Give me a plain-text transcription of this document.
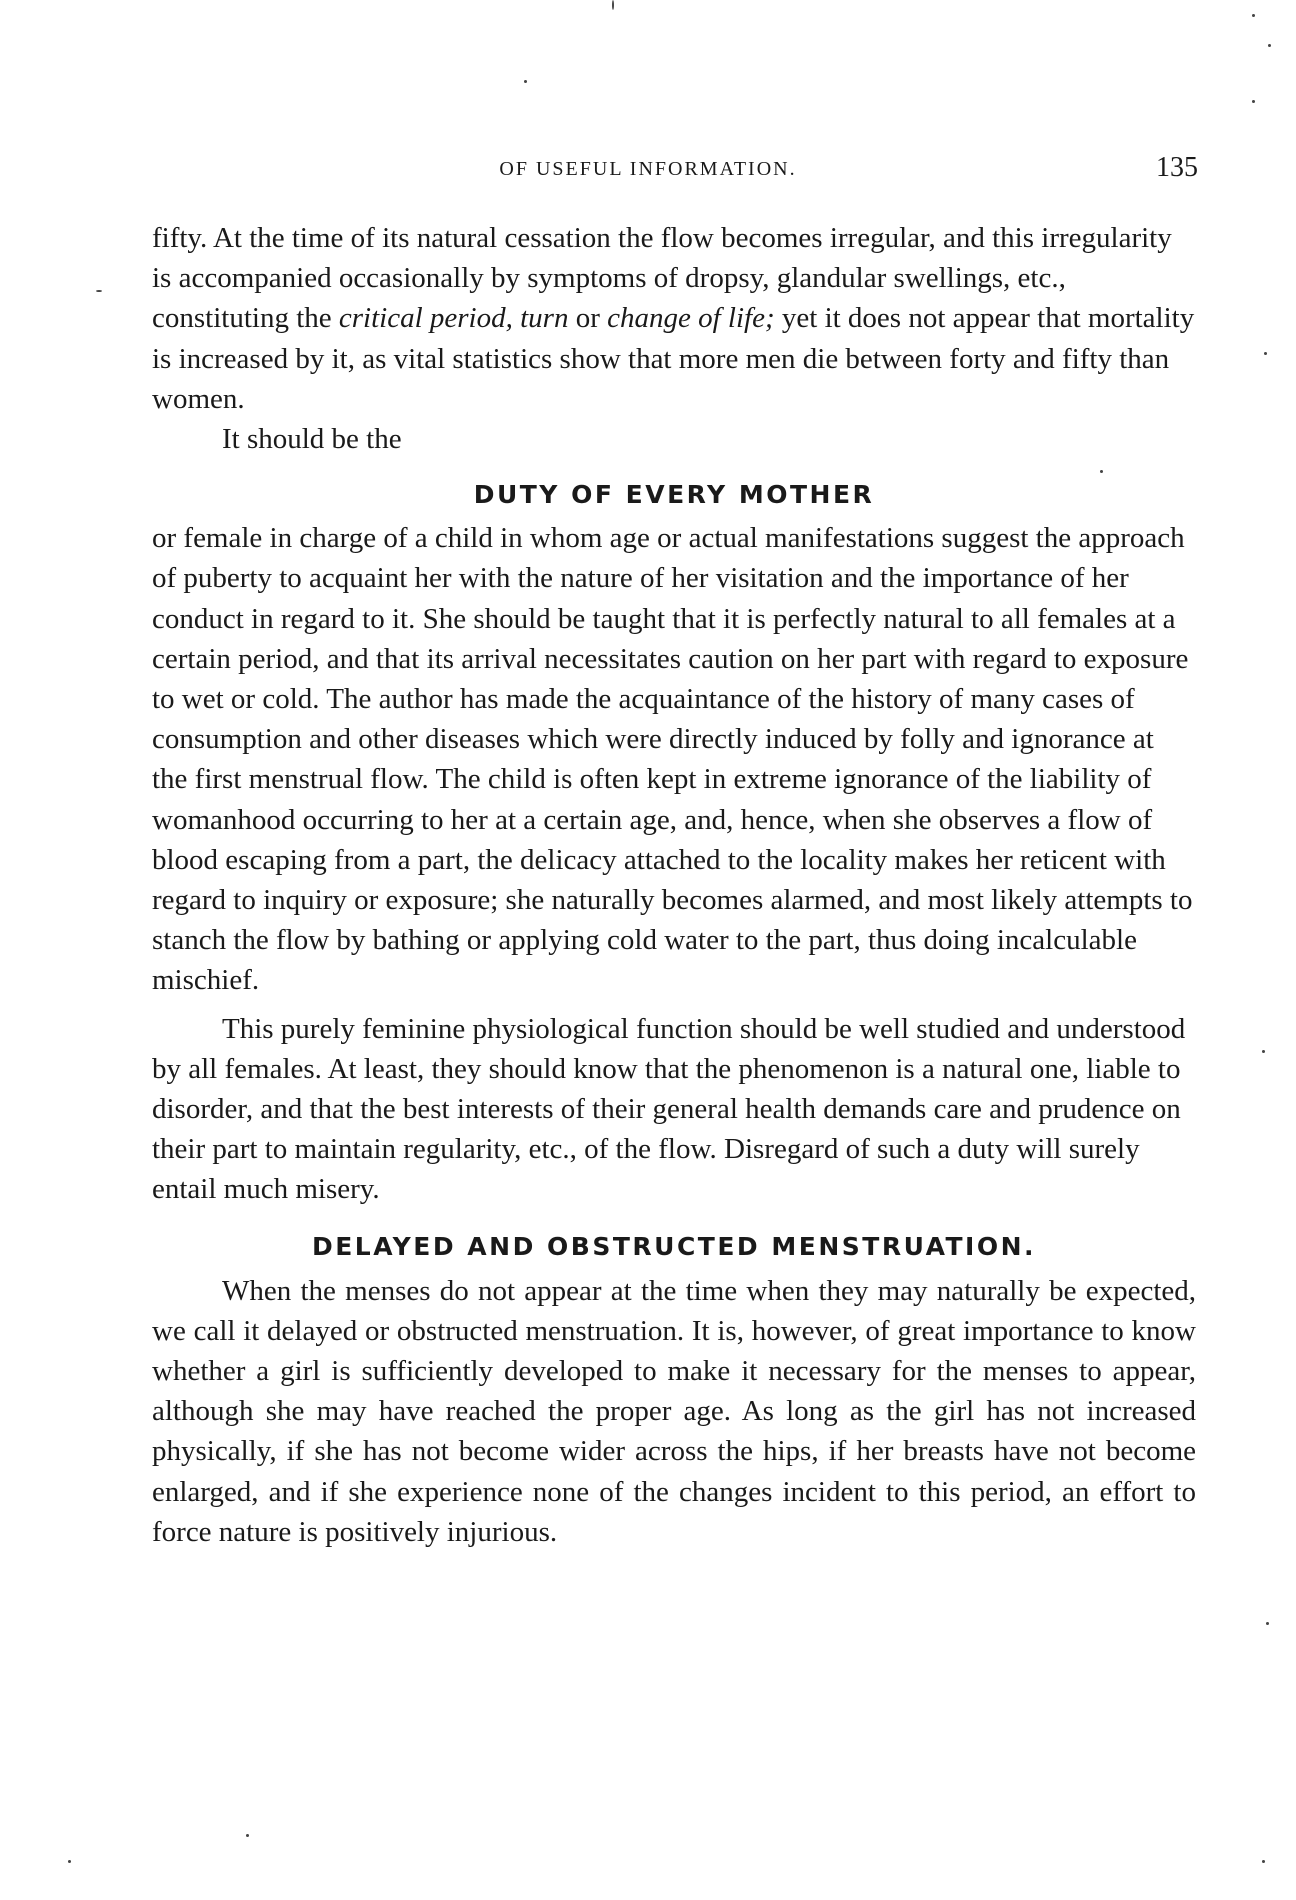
OF USEFUL INFORMATION.	135

fifty. At the time of its natural cessation the flow becomes irregular, and this irregularity is accompanied occasionally by symptoms of dropsy, glandular swellings, etc., constituting the critical period, turn or change of life; yet it does not appear that mortality is increased by it, as vital statistics show that more men die between forty and fifty than women.

It should be the

DUTY OF EVERY MOTHER

or female in charge of a child in whom age or actual manifestations suggest the approach of puberty to acquaint her with the nature of her visitation and the importance of her conduct in regard to it. She should be taught that it is perfectly natural to all females at a certain period, and that its arrival necessitates caution on her part with regard to exposure to wet or cold. The author has made the acquaintance of the history of many cases of consumption and other diseases which were directly induced by folly and ignorance at the first menstrual flow. The child is often kept in extreme ignorance of the liability of womanhood occurring to her at a certain age, and, hence, when she observes a flow of blood escaping from a part, the delicacy attached to the locality makes her reticent with regard to inquiry or exposure; she naturally becomes alarmed, and most likely attempts to stanch the flow by bathing or applying cold water to the part, thus doing incalculable mischief.

This purely feminine physiological function should be well studied and understood by all females. At least, they should know that the phenomenon is a natural one, liable to disorder, and that the best interests of their general health demands care and prudence on their part to maintain regularity, etc., of the flow. Disregard of such a duty will surely entail much misery.

DELAYED AND OBSTRUCTED MENSTRUATION.

When the menses do not appear at the time when they may naturally be expected, we call it delayed or obstructed menstruation. It is, however, of great importance to know whether a girl is sufficiently developed to make it necessary for the menses to appear, although she may have reached the proper age. As long as the girl has not increased physically, if she has not become wider across the hips, if her breasts have not become enlarged, and if she experience none of the changes incident to this period, an effort to force nature is positively injurious.
